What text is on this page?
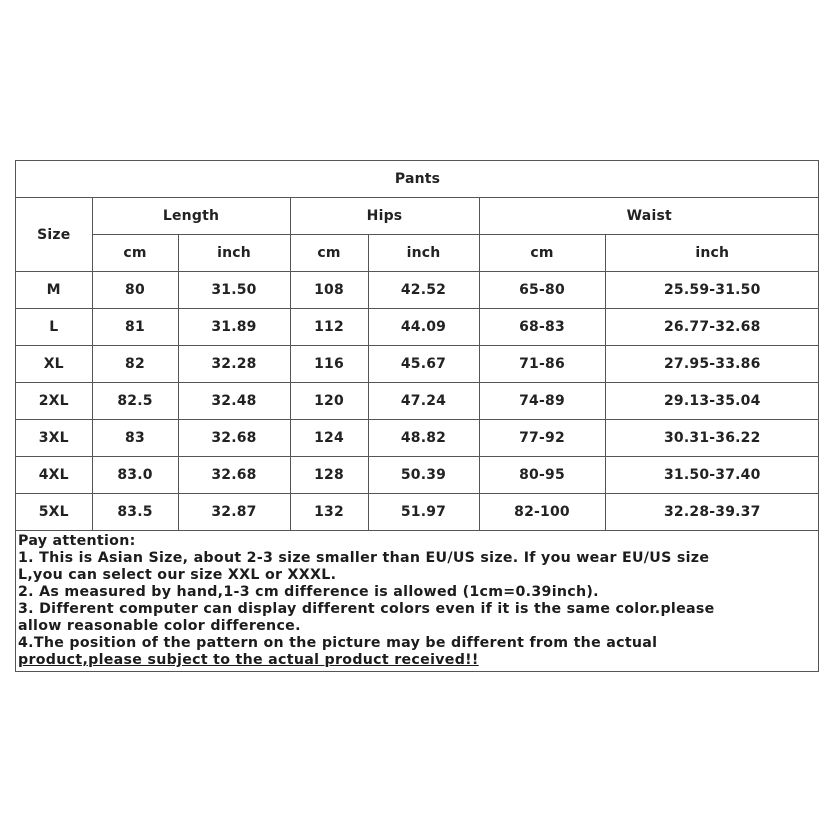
Pants						
Size	Length		Hips		Waist	
	cm	inch	cm	inch	cm	inch
M	80	31.50	108	42.52	65-80	25.59-31.50
L	81	31.89	112	44.09	68-83	26.77-32.68
XL	82	32.28	116	45.67	71-86	27.95-33.86
2XL	82.5	32.48	120	47.24	74-89	29.13-35.04
3XL	83	32.68	124	48.82	77-92	30.31-36.22
4XL	83.0	32.68	128	50.39	80-95	31.50-37.40
5XL	83.5	32.87	132	51.97	82-100	32.28-39.37

Pay attention:

1. This is Asian Size, about 2-3 size smaller than EU/US size. If you wear EU/US size

L,you can select our size XXL or XXXL.

2. As measured by hand,1-3 cm difference is allowed (1cm=0.39inch).

3. Different computer can display different colors even if it is the same color.please

allow reasonable color difference.

4.The position of the pattern on the picture may be different from the actual

product,please subject to the actual product received!!
